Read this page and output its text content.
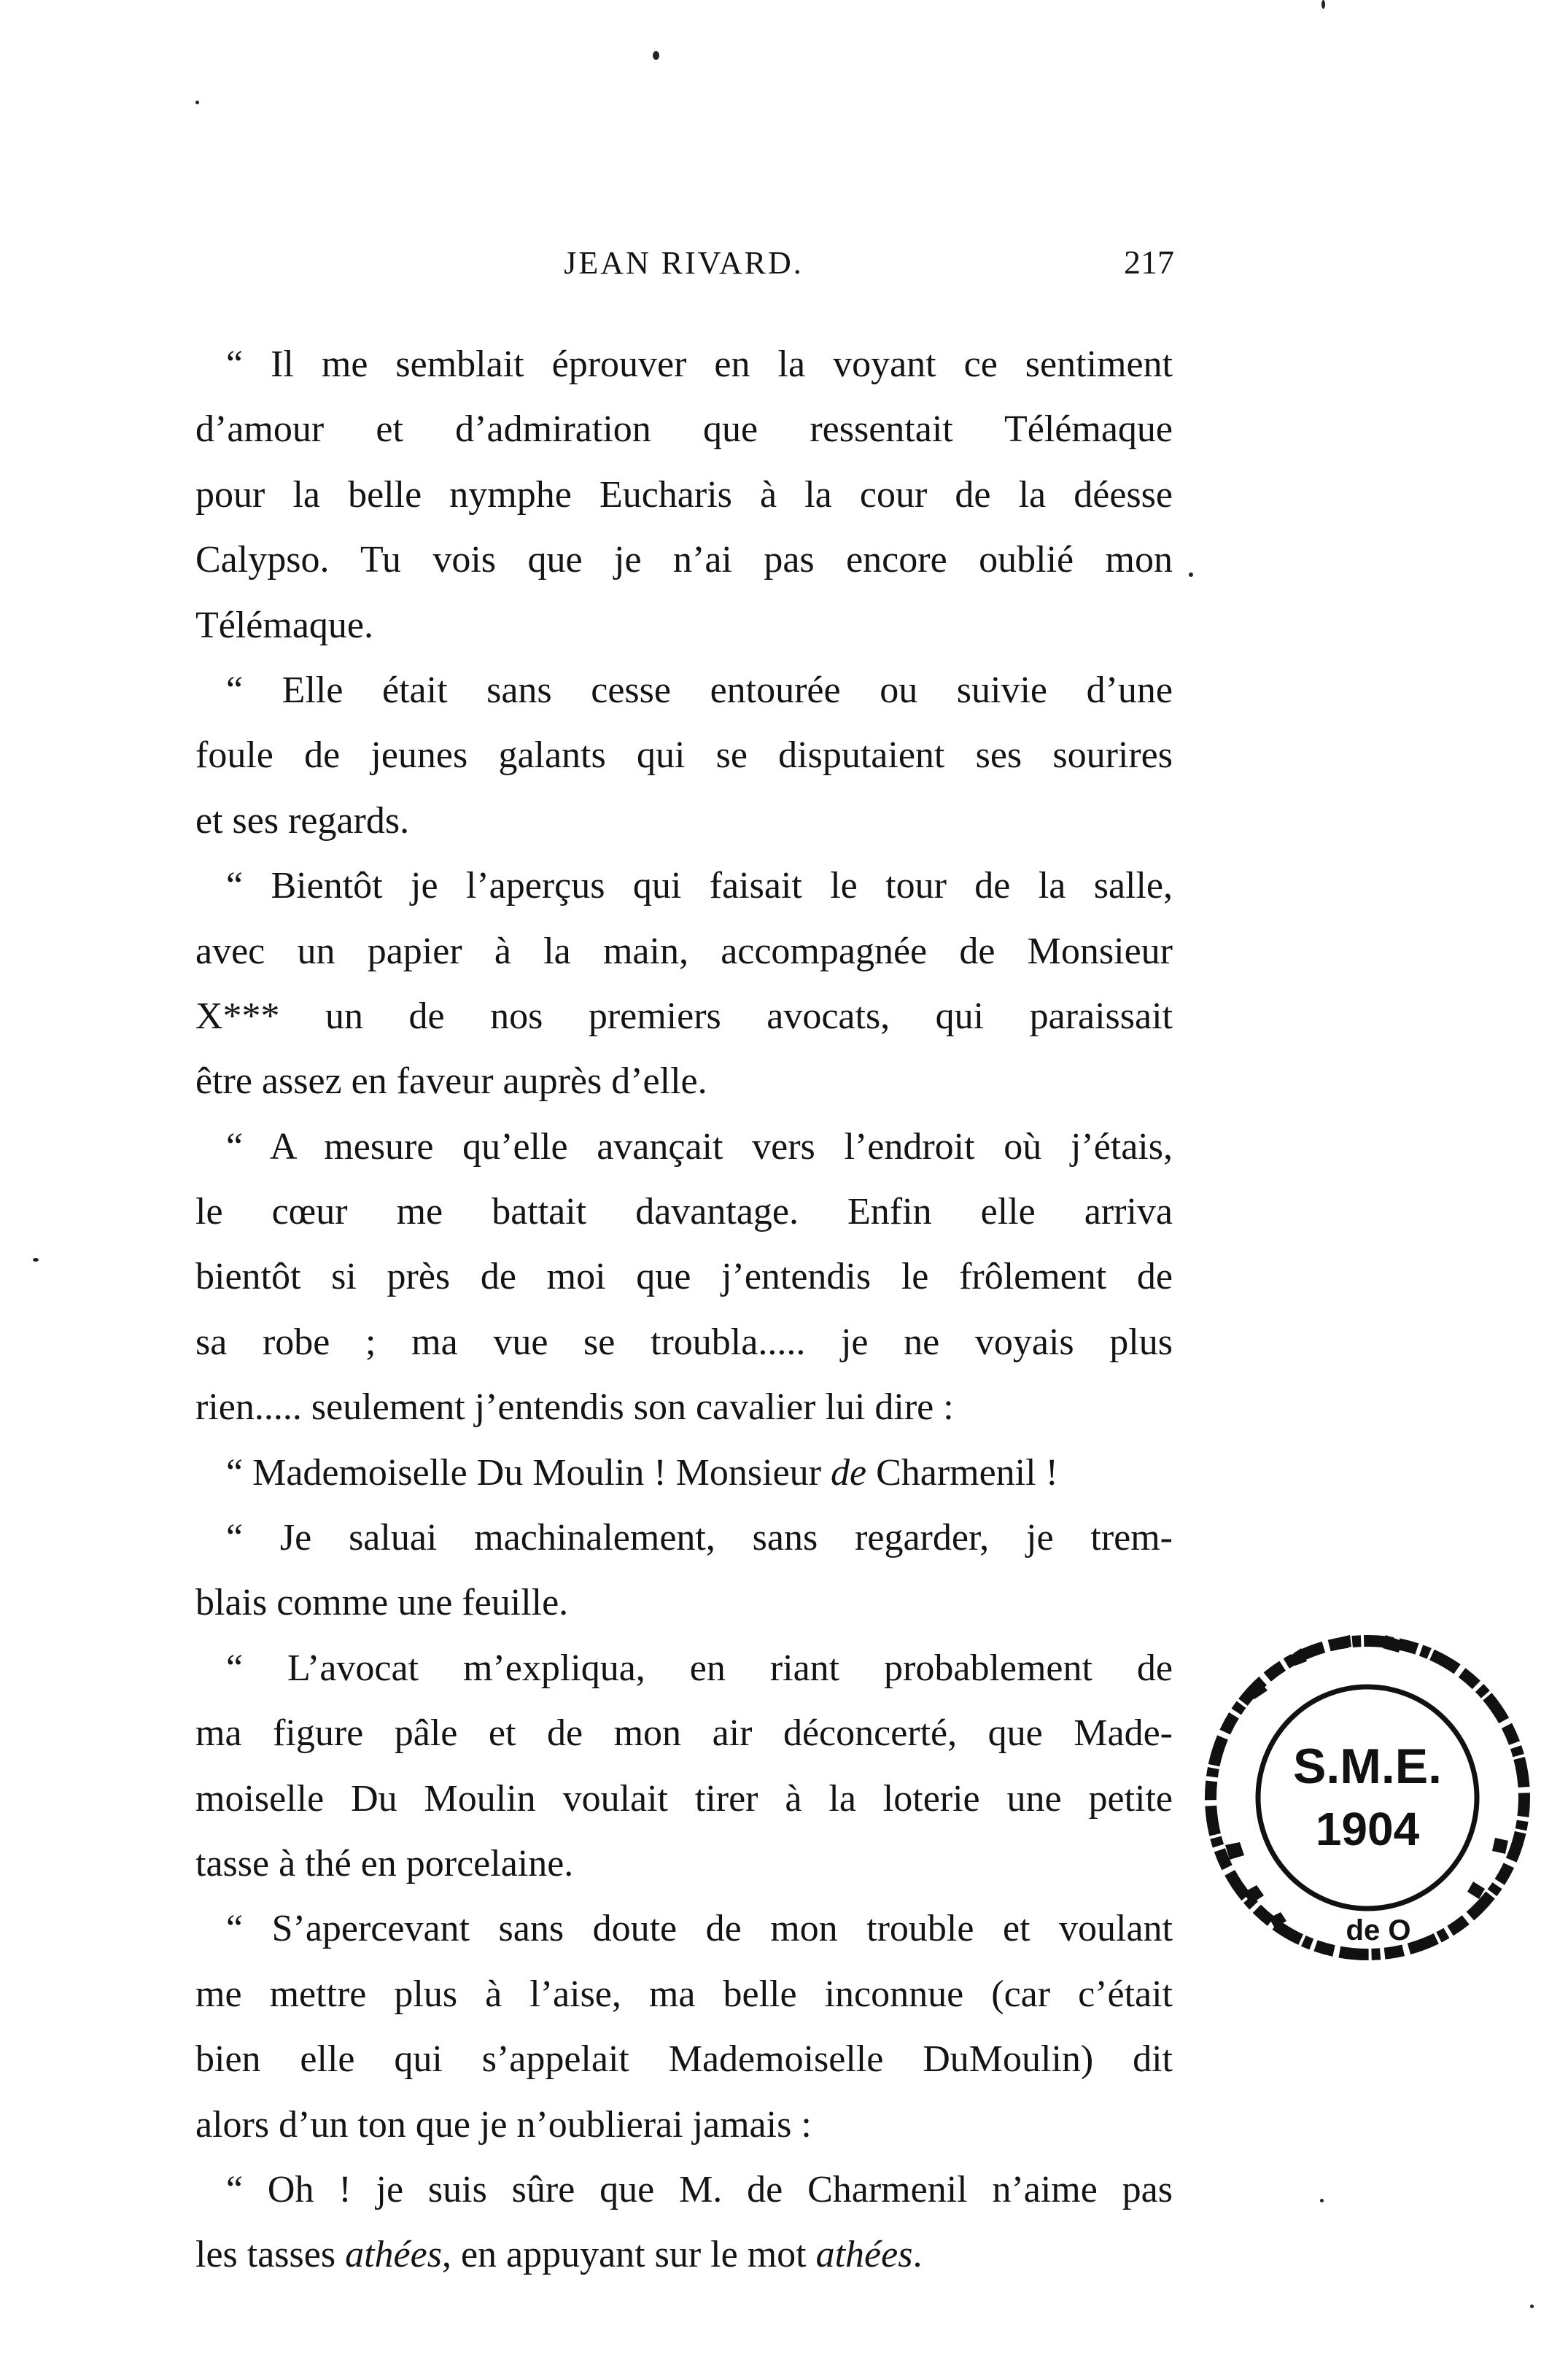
JEAN RIVARD.	217
“ Il me semblait éprouver en la voyant ce sentiment
d’amour et d’admiration que ressentait Télémaque
pour la belle nymphe Eucharis à la cour de la déesse
Calypso. Tu vois que je n’ai pas encore oublié mon
Télémaque.
“ Elle était sans cesse entourée ou suivie d’une
foule de jeunes galants qui se disputaient ses sourires
et ses regards.
“ Bientôt je l’aperçus qui faisait le tour de la salle,
avec un papier à la main, accompagnée de Monsieur
X*** un de nos premiers avocats, qui paraissait
être assez en faveur auprès d’elle.
“ A mesure qu’elle avançait vers l’endroit où j’étais,
le cœur me battait davantage. Enfin elle arriva
bientôt si près de moi que j’entendis le frôlement de
sa robe ; ma vue se troubla..... je ne voyais plus
rien..... seulement j’entendis son cavalier lui dire :
“ Mademoiselle Du Moulin ! Monsieur de Charmenil !
“ Je saluai machinalement, sans regarder, je trem-
blais comme une feuille.
“ L’avocat m’expliqua, en riant probablement de
ma figure pâle et de mon air déconcerté, que Made-
moiselle Du Moulin voulait tirer à la loterie une petite
tasse à thé en porcelaine.
“ S’apercevant sans doute de mon trouble et voulant
me mettre plus à l’aise, ma belle inconnue (car c’était
bien elle qui s’appelait Mademoiselle DuMoulin) dit
alors d’un ton que je n’oublierai jamais :
“ Oh ! je suis sûre que M. de Charmenil n’aime pas
les tasses athées, en appuyant sur le mot athées.
S.M.E.
1904
de O
